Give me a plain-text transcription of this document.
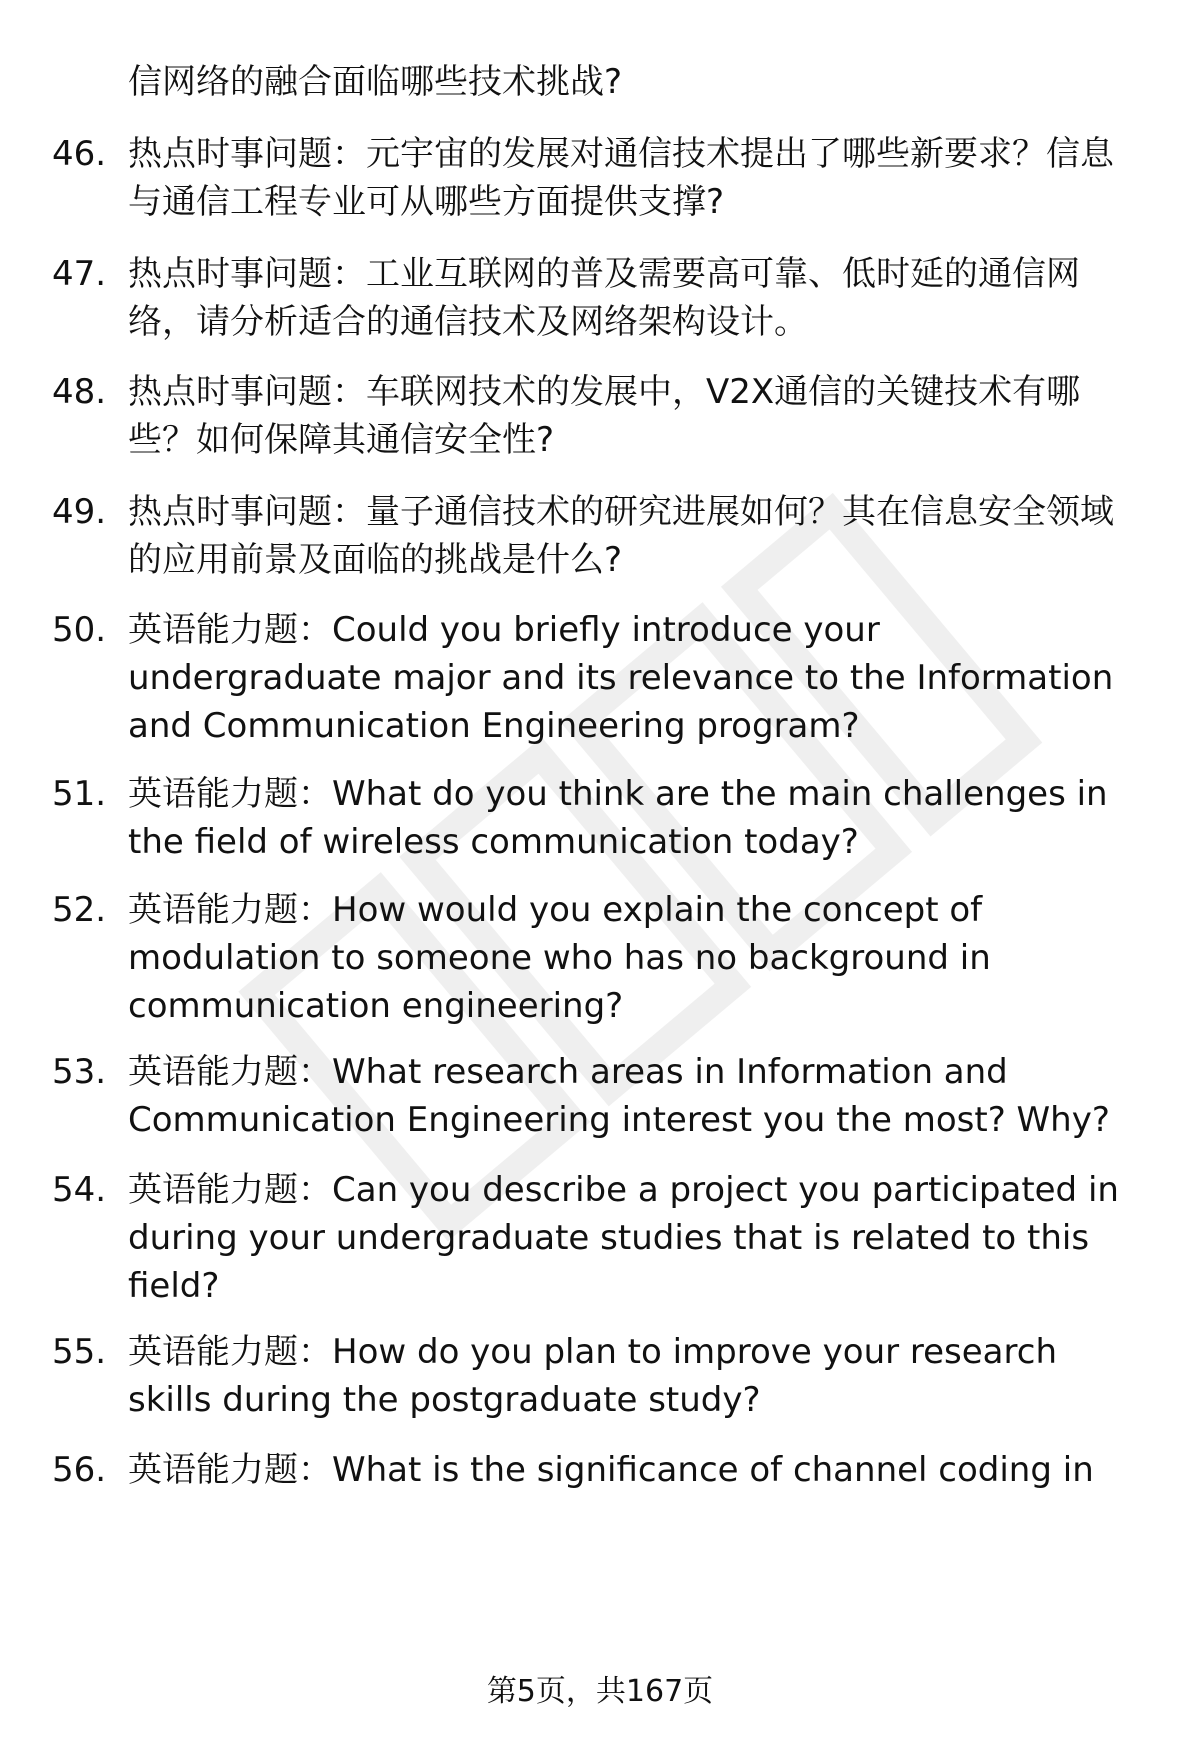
信网络的融合面临哪些技术挑战?

46. 热点时事问题：元宇宙的发展对通信技术提出了哪些新要求？信息与通信工程专业可从哪些方面提供支撑?

47. 热点时事问题：工业互联网的普及需要高可靠、低时延的通信网络，请分析适合的通信技术及网络架构设计。

48. 热点时事问题：车联网技术的发展中，V2X通信的关键技术有哪些？如何保障其通信安全性?

49. 热点时事问题：量子通信技术的研究进展如何？其在信息安全领域的应用前景及面临的挑战是什么?

50. 英语能力题：Could you briefly introduce your undergraduate major and its relevance to the Information and Communication Engineering program?

51. 英语能力题：What do you think are the main challenges in the field of wireless communication today?

52. 英语能力题：How would you explain the concept of modulation to someone who has no background in communication engineering?

53. 英语能力题：What research areas in Information and Communication Engineering interest you the most? Why?

54. 英语能力题：Can you describe a project you participated in during your undergraduate studies that is related to this field?

55. 英语能力题：How do you plan to improve your research skills during the postgraduate study?

56. 英语能力题：What is the significance of channel coding in

第5页，共167页
